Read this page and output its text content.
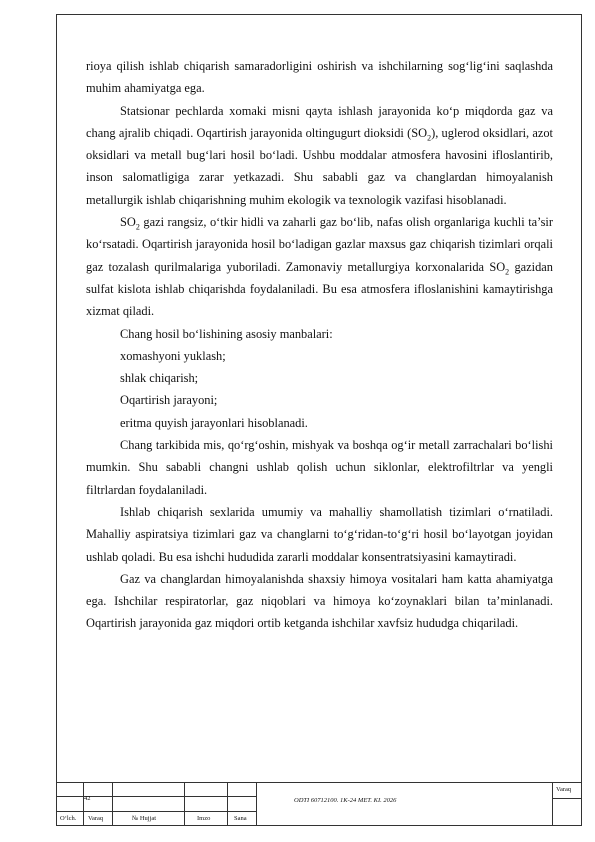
rioya qilish ishlab chiqarish samaradorligini oshirish va ishchilarning sog‘lig‘ini saqlashda muhim ahamiyatga ega.

Statsionar pechlarda xomaki misni qayta ishlash jarayonida ko‘p miqdorda gaz va chang ajralib chiqadi. Oqartirish jarayonida oltingugurt dioksidi $(SO_2)$, uglerod oksidlari, azot oksidlari va metall bug‘lari hosil bo‘ladi. Ushbu moddalar atmosfera havosini ifloslantirib, inson salomatligiga zarar yetkazadi. Shu sababli gaz va changlardan himoyalanish metallurgik ishlab chiqarishning muhim ekologik va texnologik vazifasi hisoblanadi.

$SO_2$ gazi rangsiz, o‘tkir hidli va zaharli gaz bo‘lib, nafas olish organlariga kuchli ta’sir ko‘rsatadi. Oqartirish jarayonida hosil bo‘ladigan gazlar maxsus gaz chiqarish tizimlari orqali gaz tozalash qurilmalariga yuboriladi. Zamonaviy metallurgiya korxonalarida $SO_2$ gazidan sulfat kislota ishlab chiqarishda foydalaniladi. Bu esa atmosfera ifloslanishini kamaytirishga xizmat qiladi.

Chang hosil bo‘lishining asosiy manbalari:

xomashyoni yuklash;

shlak chiqarish;

Oqartirish jarayoni;

eritma quyish jarayonlari hisoblanadi.

Chang tarkibida mis, qo‘rg‘oshin, mishyak va boshqa og‘ir metall zarrachalari bo‘lishi mumkin. Shu sababli changni ushlab qolish uchun siklonlar, elektrofiltrlar va yengli filtrlardan foydalaniladi.

Ishlab chiqarish sexlarida umumiy va mahalliy shamollatish tizimlari o‘rnatiladi. Mahalliy aspiratsiya tizimlari gaz va changlarni to‘g‘ridan-to‘g‘ri hosil bo‘layotgan joyidan ushlab qoladi. Bu esa ishchi hududida zararli moddalar konsentratsiyasini kamaytiradi.

Gaz va changlardan himoyalanishda shaxsiy himoya vositalari ham katta ahamiyatga ega. Ishchilar respiratorlar, gaz niqoblari va himoya ko‘zoynaklari bilan ta’minlanadi. Oqartirish jarayonida gaz miqdori ortib ketganda ishchilar xavfsiz hududga chiqariladi.

42	ODTI 60712100. 1K-24 MET. KI. 2026
Varaq
O‘lch. Varaq	№ Hujjat	Imzo	Sana
